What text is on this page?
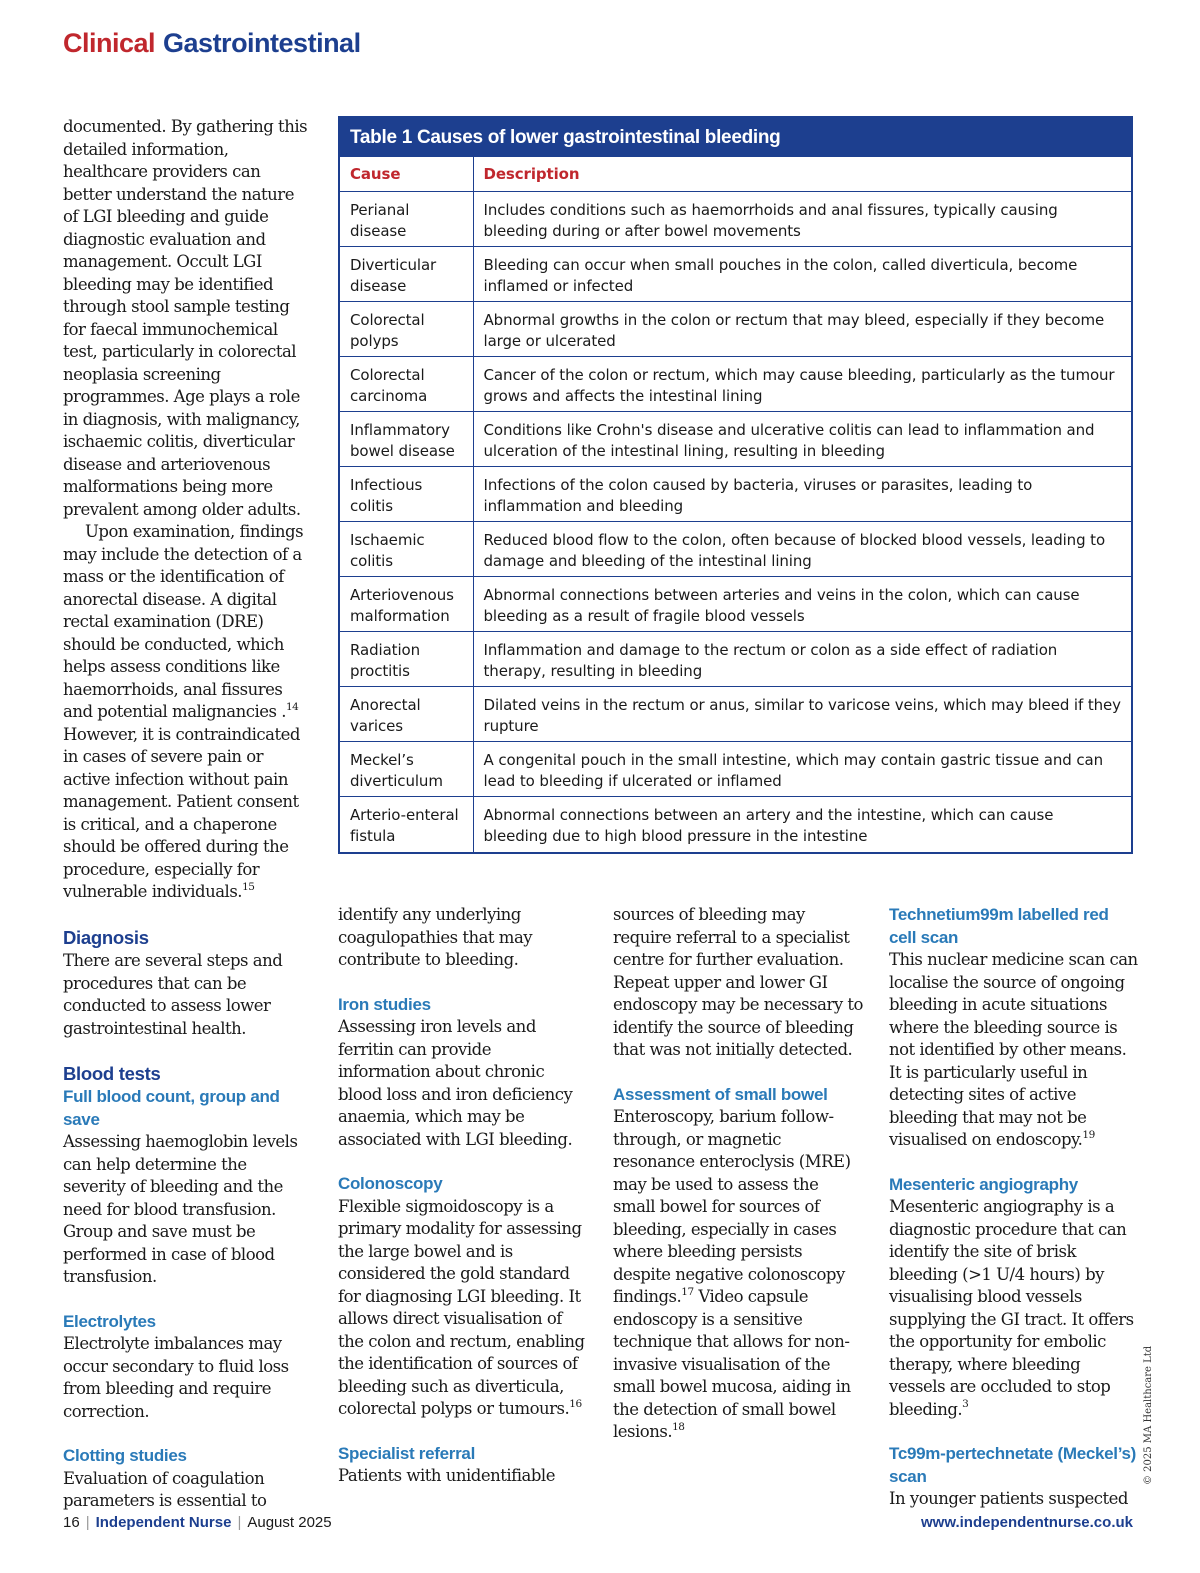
Clinical Gastrointestinal

documented. By gathering this detailed information, healthcare providers can better understand the nature of LGI bleeding and guide diagnostic evaluation and management. Occult LGI bleeding may be identified through stool sample testing for faecal immunochemical test, particularly in colorectal neoplasia screening programmes. Age plays a role in diagnosis, with malignancy, ischaemic colitis, diverticular disease and arteriovenous malformations being more prevalent among older adults.

Upon examination, findings may include the detection of a mass or the identification of anorectal disease. A digital rectal examination (DRE) should be conducted, which helps assess conditions like haemorrhoids, anal fissures and potential malignancies .$^{14}$ However, it is contraindicated in cases of severe pain or active infection without pain management. Patient consent is critical, and a chaperone should be offered during the procedure, especially for vulnerable individuals.$^{15}$

Diagnosis

There are several steps and procedures that can be conducted to assess lower gastrointestinal health.

Blood tests
Full blood count, group and save

Assessing haemoglobin levels can help determine the severity of bleeding and the need for blood transfusion. Group and save must be performed in case of blood transfusion.

Electrolytes

Electrolyte imbalances may occur secondary to fluid loss from bleeding and require correction.

Clotting studies

Evaluation of coagulation parameters is essential to

Table 1 Causes of lower gastrointestinal bleeding
Cause	Description
Perianal disease	Includes conditions such as haemorrhoids and anal fissures, typically causing bleeding during or after bowel movements
Diverticular disease	Bleeding can occur when small pouches in the colon, called diverticula, become inflamed or infected
Colorectal polyps	Abnormal growths in the colon or rectum that may bleed, especially if they become large or ulcerated
Colorectal carcinoma	Cancer of the colon or rectum, which may cause bleeding, particularly as the tumour grows and affects the intestinal lining
Inflammatory bowel disease	Conditions like Crohn's disease and ulcerative colitis can lead to inflammation and ulceration of the intestinal lining, resulting in bleeding
Infectious colitis	Infections of the colon caused by bacteria, viruses or parasites, leading to inflammation and bleeding
Ischaemic colitis	Reduced blood flow to the colon, often because of blocked blood vessels, leading to damage and bleeding of the intestinal lining
Arteriovenous malformation	Abnormal connections between arteries and veins in the colon, which can cause bleeding as a result of fragile blood vessels
Radiation proctitis	Inflammation and damage to the rectum or colon as a side effect of radiation therapy, resulting in bleeding
Anorectal varices	Dilated veins in the rectum or anus, similar to varicose veins, which may bleed if they rupture
Meckel’s diverticulum	A congenital pouch in the small intestine, which may contain gastric tissue and can lead to bleeding if ulcerated or inflamed
Arterio-enteral fistula	Abnormal connections between an artery and the intestine, which can cause bleeding due to high blood pressure in the intestine

identify any underlying coagulopathies that may contribute to bleeding.

Iron studies

Assessing iron levels and ferritin can provide information about chronic blood loss and iron deficiency anaemia, which may be associated with LGI bleeding.

Colonoscopy

Flexible sigmoidoscopy is a primary modality for assessing the large bowel and is considered the gold standard for diagnosing LGI bleeding. It allows direct visualisation of the colon and rectum, enabling the identification of sources of bleeding such as diverticula, colorectal polyps or tumours.$^{16}$

Specialist referral

Patients with unidentifiable

sources of bleeding may require referral to a specialist centre for further evaluation. Repeat upper and lower GI endoscopy may be necessary to identify the source of bleeding that was not initially detected.

Assessment of small bowel

Enteroscopy, barium follow-through, or magnetic resonance enteroclysis (MRE) may be used to assess the small bowel for sources of bleeding, especially in cases where bleeding persists despite negative colonoscopy findings.$^{17}$ Video capsule endoscopy is a sensitive technique that allows for non-invasive visualisation of the small bowel mucosa, aiding in the detection of small bowel lesions.$^{18}$

Technetium99m labelled red cell scan

This nuclear medicine scan can localise the source of ongoing bleeding in acute situations where the bleeding source is not identified by other means. It is particularly useful in detecting sites of active bleeding that may not be visualised on endoscopy.$^{19}$

Mesenteric angiography

Mesenteric angiography is a diagnostic procedure that can identify the site of brisk bleeding (>1 U/4 hours) by visualising blood vessels supplying the GI tract. It offers the opportunity for embolic therapy, where bleeding vessels are occluded to stop bleeding.$^3$

Tc99m-pertechnetate (Meckel’s) scan

In younger patients suspected

© 2025 MA Healthcare Ltd
16 | Independent Nurse | August 2025	www.independentnurse.co.uk
